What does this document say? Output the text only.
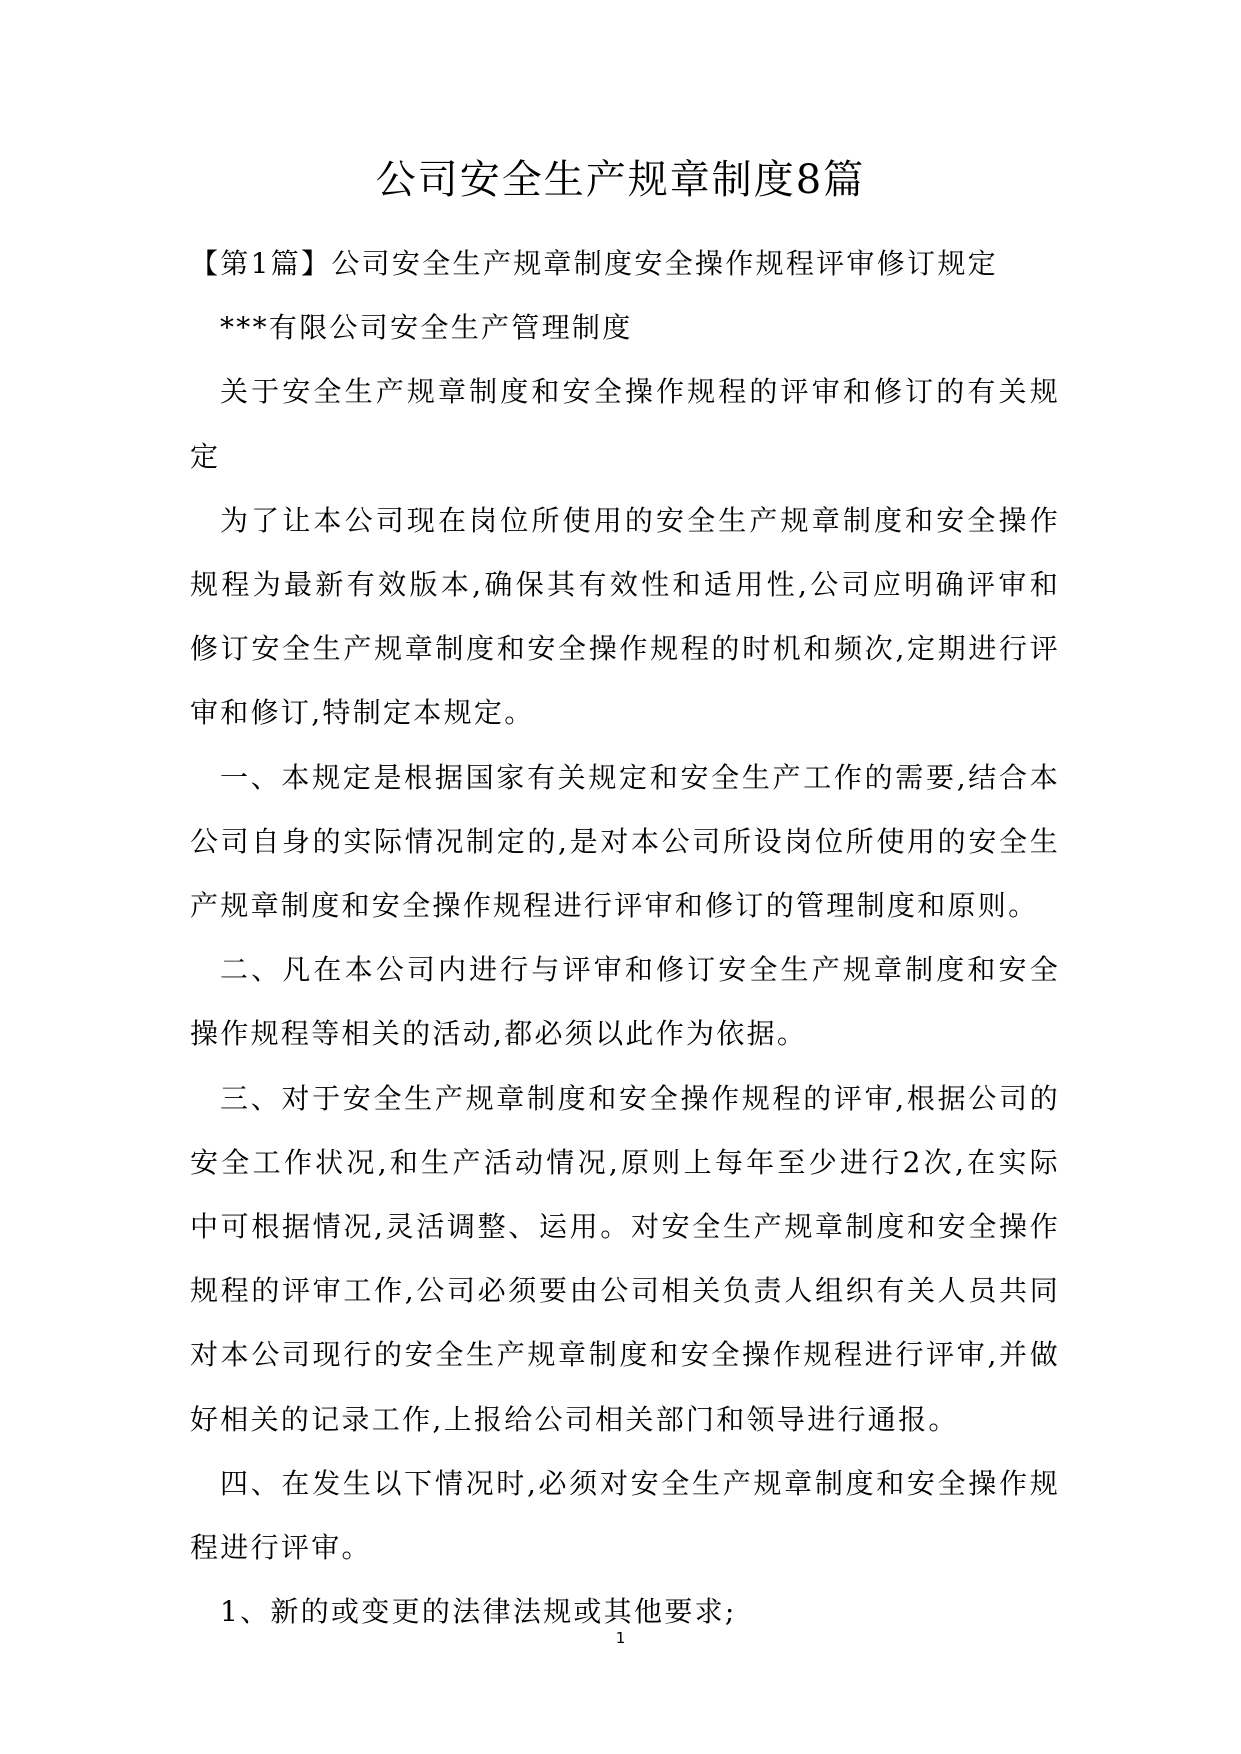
公司安全生产规章制度8篇

【第1篇】公司安全生产规章制度安全操作规程评审修订规定

***有限公司安全生产管理制度

关于安全生产规章制度和安全操作规程的评审和修订的有关规定

为了让本公司现在岗位所使用的安全生产规章制度和安全操作规程为最新有效版本,确保其有效性和适用性,公司应明确评审和修订安全生产规章制度和安全操作规程的时机和频次,定期进行评审和修订,特制定本规定。

一、本规定是根据国家有关规定和安全生产工作的需要,结合本公司自身的实际情况制定的,是对本公司所设岗位所使用的安全生产规章制度和安全操作规程进行评审和修订的管理制度和原则。

二、凡在本公司内进行与评审和修订安全生产规章制度和安全操作规程等相关的活动,都必须以此作为依据。

三、对于安全生产规章制度和安全操作规程的评审,根据公司的安全工作状况,和生产活动情况,原则上每年至少进行2次,在实际中可根据情况,灵活调整、运用。对安全生产规章制度和安全操作规程的评审工作,公司必须要由公司相关负责人组织有关人员共同对本公司现行的安全生产规章制度和安全操作规程进行评审,并做好相关的记录工作,上报给公司相关部门和领导进行通报。

四、在发生以下情况时,必须对安全生产规章制度和安全操作规程进行评审。

1、新的或变更的法律法规或其他要求;

1
